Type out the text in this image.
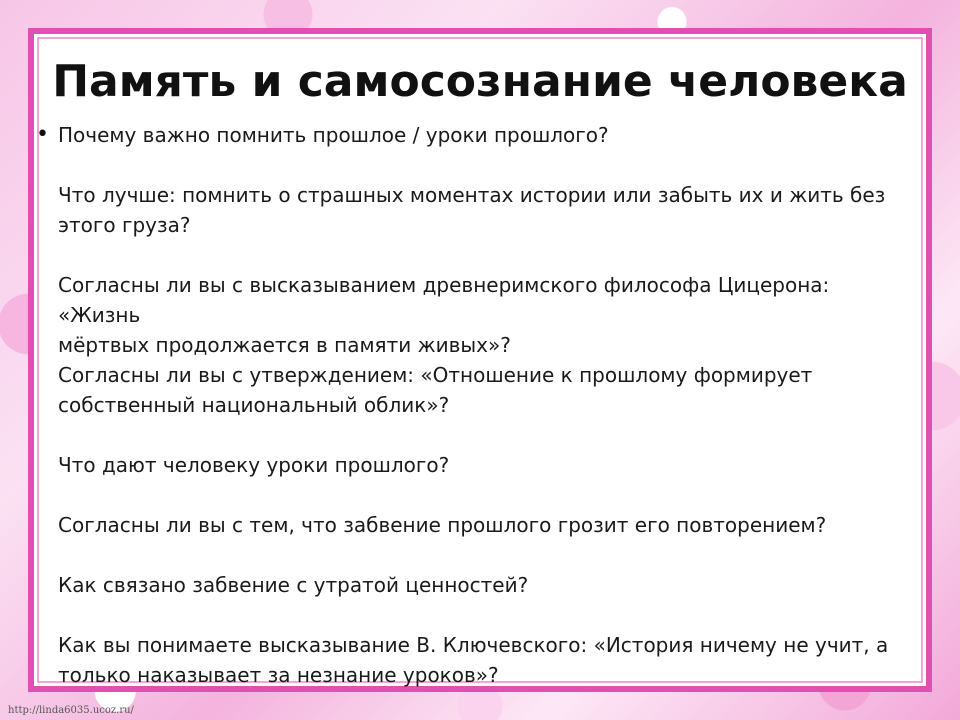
Память и самосознание человека
• Почему важно помнить прошлое / уроки прошлого?

Что лучше: помнить о страшных моментах истории или забыть их и жить без
этого груза?

Согласны ли вы с высказыванием древнеримского философа Цицерона: «Жизнь
мёртвых продолжается в памяти живых»?

Согласны ли вы с утверждением: «Отношение к прошлому формирует
собственный национальный облик»?

Что дают человеку уроки прошлого?

Согласны ли вы с тем, что забвение прошлого грозит его повторением?

Как связано забвение с утратой ценностей?

Как вы понимаете высказывание В. Ключевского: «История ничему не учит, а
только наказывает за незнание уроков»?

http://linda6035.ucoz.ru/
